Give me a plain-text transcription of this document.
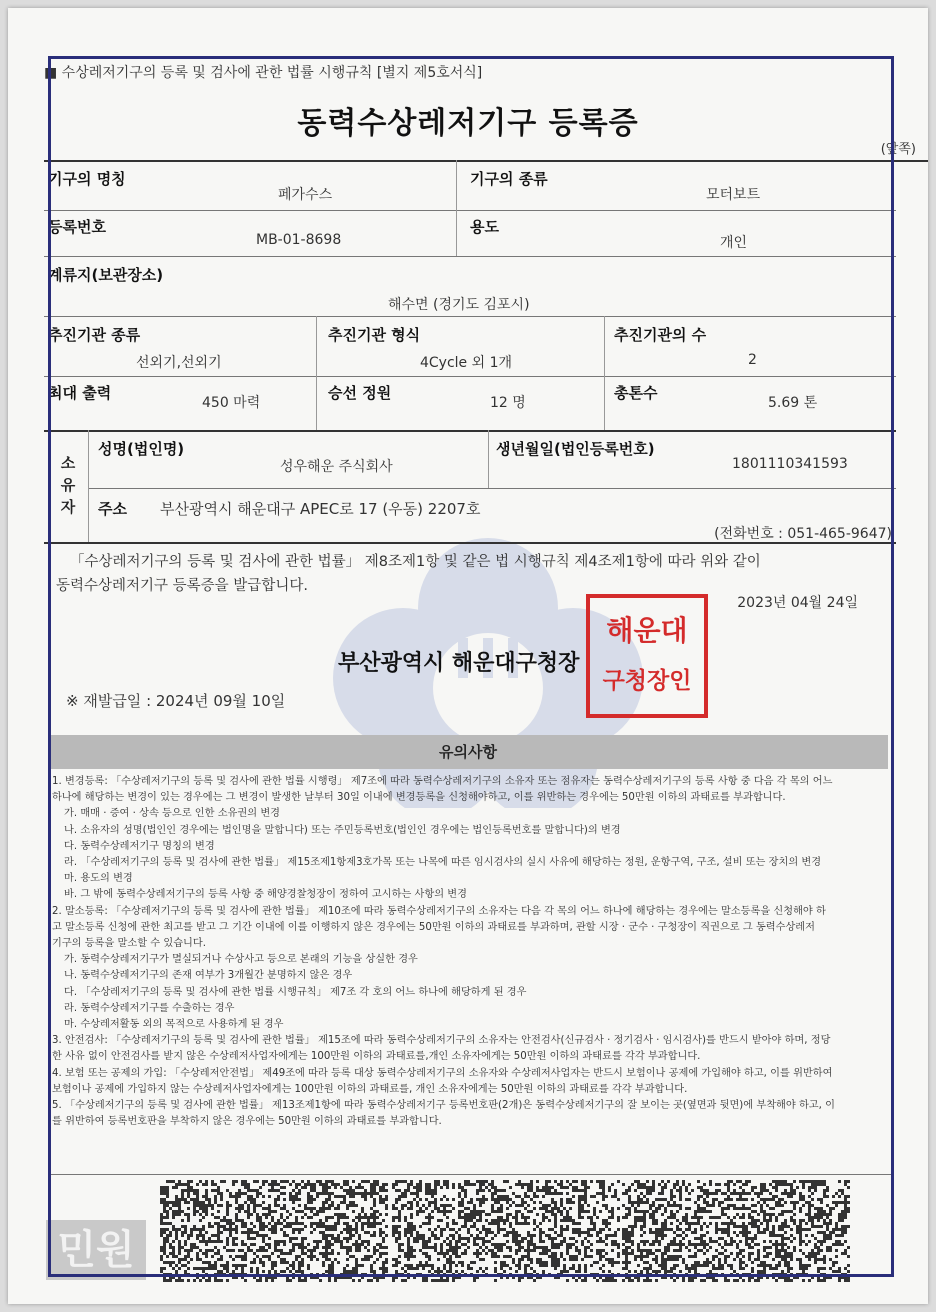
■ 수상레저기구의 등록 및 검사에 관한 법률 시행규칙 [별지 제5호서식]
동력수상레저기구 등록증
(앞쪽)
기구의 명칭
페가수스
기구의 종류
모터보트
등록번호
MB-01-8698
용도
개인
계류지(보관장소)
해수면 (경기도 김포시)
추진기관 종류
선외기,선외기
추진기관 형식
4Cycle 외 1개
추진기관의 수
2
최대 출력
450 마력
승선 정원
12 명
총톤수
5.69 톤
소
유
자
성명(법인명)
성우해운 주식회사
생년월일(법인등록번호)
1801110341593
주소 부산광역시 해운대구 APEC로 17 (우동) 2207호
(전화번호 : 051-465-9647)
「수상레저기구의 등록 및 검사에 관한 법률」 제8조제1항 및 같은 법 시행규칙 제4조제1항에 따라 위와 같이
동력수상레저기구 등록증을 발급합니다.
2023년 04월 24일
부산광역시 해운대구청장
해운대
구청장인
※ 재발급일 : 2024년 09월 10일
유의사항
1. 변경등록: 「수상레저기구의 등록 및 검사에 관한 법률 시행령」 제7조에 따라 동력수상레저기구의 소유자 또는 점유자는 동력수상레저기구의 등록 사항 중 다음 각 목의 어느
하나에 해당하는 변경이 있는 경우에는 그 변경이 발생한 날부터 30일 이내에 변경등록을 신청해야하고, 이를 위반하는 경우에는 50만원 이하의 과태료를 부과합니다.
가. 매매 · 증여 · 상속 등으로 인한 소유권의 변경
나. 소유자의 성명(법인인 경우에는 법인명을 말합니다) 또는 주민등록번호(법인인 경우에는 법인등록번호를 말합니다)의 변경
다. 동력수상레저기구 명칭의 변경
라. 「수상레저기구의 등록 및 검사에 관한 법률」 제15조제1항제3호가목 또는 나목에 따른 임시검사의 실시 사유에 해당하는 정원, 운항구역, 구조, 설비 또는 장치의 변경
마. 용도의 변경
바. 그 밖에 동력수상레저기구의 등록 사항 중 해양경찰청장이 정하여 고시하는 사항의 변경
2. 말소등록: 「수상레저기구의 등록 및 검사에 관한 법률」 제10조에 따라 동력수상레저기구의 소유자는 다음 각 목의 어느 하나에 해당하는 경우에는 말소등록을 신청해야 하
고 말소등록 신청에 관한 최고를 받고 그 기간 이내에 이를 이행하지 않은 경우에는 50만원 이하의 과태료를 부과하며, 관할 시장 · 군수 · 구청장이 직권으로 그 동력수상레저
기구의 등록을 말소할 수 있습니다.
가. 동력수상레저기구가 멸실되거나 수상사고 등으로 본래의 기능을 상실한 경우
나. 동력수상레저기구의 존재 여부가 3개월간 분명하지 않은 경우
다. 「수상레저기구의 등록 및 검사에 관한 법률 시행규칙」 제7조 각 호의 어느 하나에 해당하게 된 경우
라. 동력수상레저기구를 수출하는 경우
마. 수상레저활동 외의 목적으로 사용하게 된 경우
3. 안전검사: 「수상레저기구의 등록 및 검사에 관한 법률」 제15조에 따라 동력수상레저기구의 소유자는 안전검사(신규검사 · 정기검사 · 임시검사)를 반드시 받아야 하며, 정당
한 사유 없이 안전검사를 받지 않은 수상레저사업자에게는 100만원 이하의 과태료를,개인 소유자에게는 50만원 이하의 과태료를 각각 부과합니다.
4. 보험 또는 공제의 가입: 「수상레저안전법」 제49조에 따라 등록 대상 동력수상레저기구의 소유자와 수상레저사업자는 반드시 보험이나 공제에 가입해야 하고, 이를 위반하여
보험이나 공제에 가입하지 않는 수상레저사업자에게는 100만원 이하의 과태료를, 개인 소유자에게는 50만원 이하의 과태료를 각각 부과합니다.
5. 「수상레저기구의 등록 및 검사에 관한 법률」 제13조제1항에 따라 동력수상레저기구 등록번호판(2개)은 동력수상레저기구의 잘 보이는 곳(옆면과 뒷면)에 부착해야 하고, 이
를 위반하여 등록번호판을 부착하지 않은 경우에는 50만원 이하의 과태료를 부과합니다.
민원
